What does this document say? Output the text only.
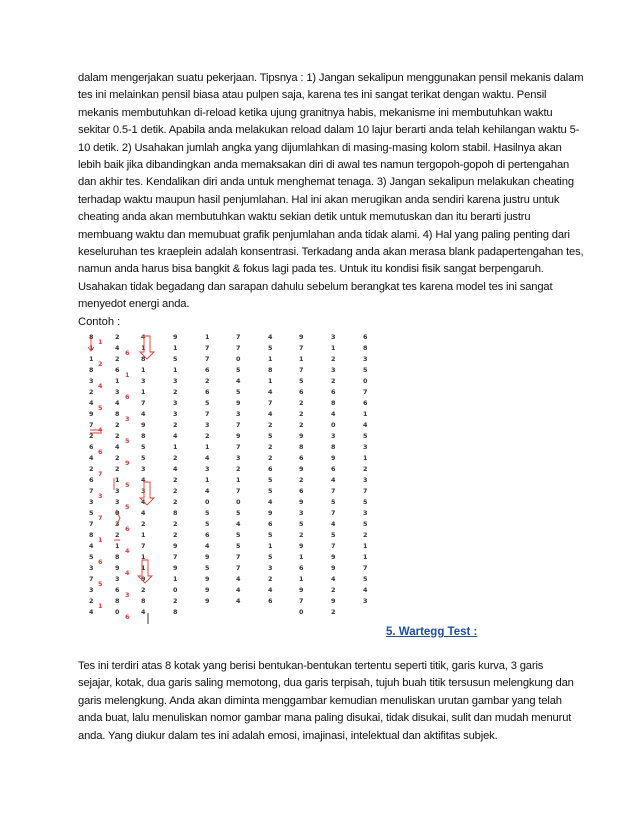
dalam mengerjakan suatu pekerjaan. Tipsnya : 1) Jangan sekalipun menggunakan pensil mekanis dalam
tes ini melainkan pensil biasa atau pulpen saja, karena tes ini sangat terikat dengan waktu. Pensil
mekanis membutuhkan di-reload ketika ujung granitnya habis, mekanisme ini membutuhkan waktu
sekitar 0.5-1 detik. Apabila anda melakukan reload dalam 10 lajur berarti anda telah kehilangan waktu 5-
10 detik. 2) Usahakan jumlah angka yang dijumlahkan di masing-masing kolom stabil. Hasilnya akan
lebih baik jika dibandingkan anda memaksakan diri di awal tes namun tergopoh-gopoh di pertengahan
dan akhir tes. Kendalikan diri anda untuk menghemat tenaga. 3) Jangan sekalipun melakukan cheating
terhadap waktu maupun hasil penjumlahan. Hal ini akan merugikan anda sendiri karena justru untuk
cheating anda akan membutuhkan waktu sekian detik untuk memutuskan dan itu berarti justru
membuang waktu dan memubuat grafik penjumlahan anda tidak alami. 4) Hal yang paling penting dari
keseluruhan tes kraeplein adalah konsentrasi. Terkadang anda akan merasa blank padapertengahan tes,
namun anda harus bisa bangkit & fokus lagi pada tes. Untuk itu kondisi fisik sangat berpengaruh.
Usahakan tidak begadang dan sarapan dahulu sebelum berangkat tes karena model tes ini sangat
menyedot energi anda.

Contoh :

8
1
1
8
3
2
4
9
7
2
6
4
2
6
7
3
5
7
8
4
5
3
7
3
2
4
2
4
2
6
1
3
4
8
2
2
4
2
2
1
3
3
0
3
2
1
8
9
3
6
8
0
4
1
8
1
3
1
7
4
9
8
5
5
3
4
3
4
4
2
1
7
1
1
9
2
8
4
9
1
5
1
3
2
3
3
2
4
1
2
4
2
2
2
8
2
2
9
7
9
1
0
2
8
1
7
7
6
2
6
5
7
3
2
1
4
3
1
4
0
5
5
6
4
9
5
9
9
9
7
7
0
5
4
5
9
3
7
9
7
3
2
1
7
0
5
4
5
5
7
7
4
4
4
4
5
1
8
1
4
7
4
2
5
2
2
6
5
5
4
9
6
5
1
5
3
2
4
6
9
7
1
7
5
6
2
2
2
9
8
6
9
2
6
9
3
5
2
9
1
6
1
9
7
0
3
1
2
3
2
6
8
4
0
3
8
9
6
4
7
5
7
4
5
7
9
9
4
2
9
2
6
8
3
5
0
7
6
1
4
5
3
1
2
3
7
5
3
5
2
1
1
7
5
4
3
1
6
2
1
4
6
5
3
4
5
6
9
7
5
3
5
7
6
1
4
6
4
5
3
1
6

5. Wartegg Test :

Tes ini terdiri atas 8 kotak yang berisi bentukan-bentukan tertentu seperti titik, garis kurva, 3 garis
sejajar, kotak, dua garis saling memotong, dua garis terpisah, tujuh buah titik tersusun melengkung dan
garis melengkung. Anda akan diminta menggambar kemudian menuliskan urutan gambar yang telah
anda buat, lalu menuliskan nomor gambar mana paling disukai, tidak disukai, sulit dan mudah menurut
anda. Yang diukur dalam tes ini adalah emosi, imajinasi, intelektual dan aktifitas subjek.
